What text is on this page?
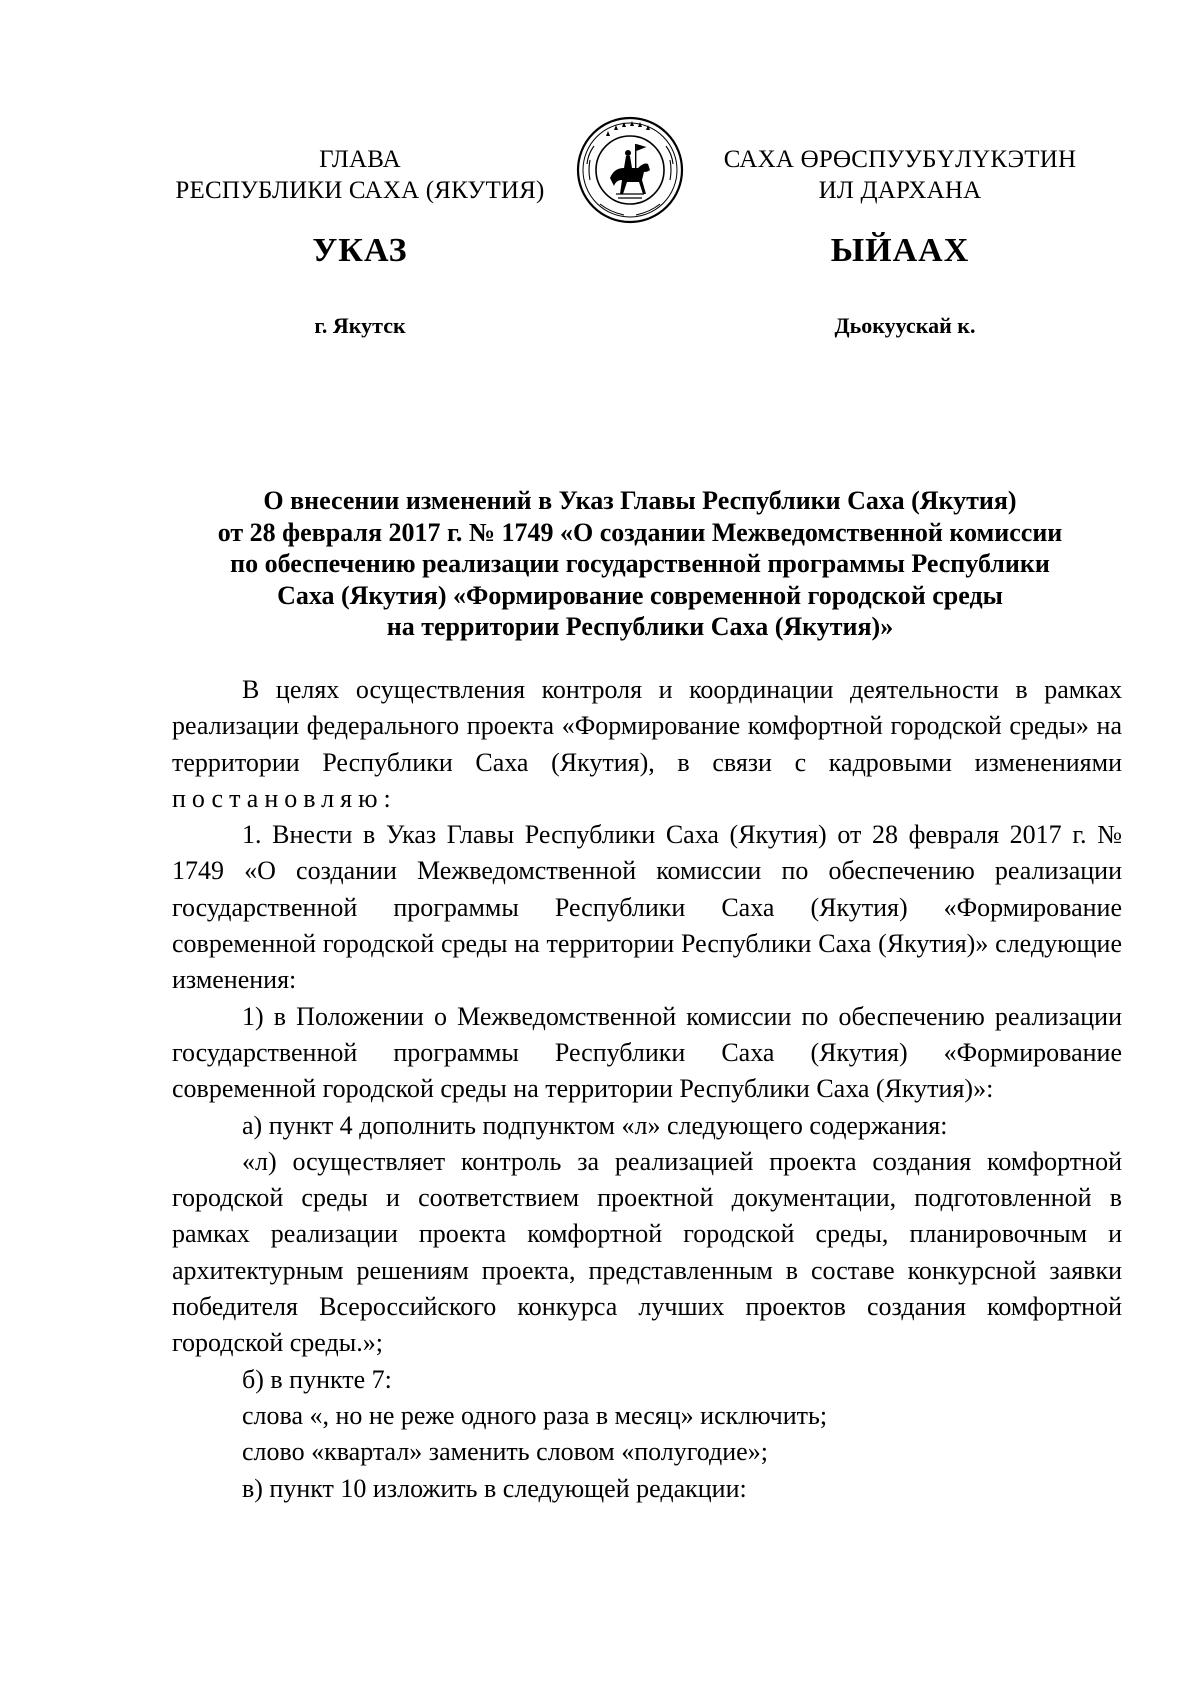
ГЛАВА
РЕСПУБЛИКИ САХА (ЯКУТИЯ)
САХА ӨРӨСПУУБҮЛҮКЭТИН
ИЛ ДАРХАНА
УКАЗ	ЫЙААХ
г. Якутск	Дьокуускай к.
О внесении изменений в Указ Главы Республики Саха (Якутия)
от 28 февраля 2017 г. № 1749 «О создании Межведомственной комиссии
по обеспечению реализации государственной программы Республики
Саха (Якутия) «Формирование современной городской среды
на территории Республики Саха (Якутия)»

В целях осуществления контроля и координации деятельности в рамках реализации федерального проекта «Формирование комфортной городской среды» на территории Республики Саха (Якутия), в связи с кадровыми изменениями постановляю:

1. Внести в Указ Главы Республики Саха (Якутия) от 28 февраля 2017 г. № 1749 «О создании Межведомственной комиссии по обеспечению реализации государственной программы Республики Саха (Якутия) «Формирование современной городской среды на территории Республики Саха (Якутия)» следующие изменения:

1) в Положении о Межведомственной комиссии по обеспечению реализации государственной программы Республики Саха (Якутия) «Формирование современной городской среды на территории Республики Саха (Якутия)»:

а) пункт 4 дополнить подпунктом «л» следующего содержания:

«л) осуществляет контроль за реализацией проекта создания комфортной городской среды и соответствием проектной документации, подготовленной в рамках реализации проекта комфортной городской среды, планировочным и архитектурным решениям проекта, представленным в составе конкурсной заявки победителя Всероссийского конкурса лучших проектов создания комфортной городской среды.»;

б) в пункте 7:

слова «, но не реже одного раза в месяц» исключить;

слово «квартал» заменить словом «полугодие»;

в) пункт 10 изложить в следующей редакции:
